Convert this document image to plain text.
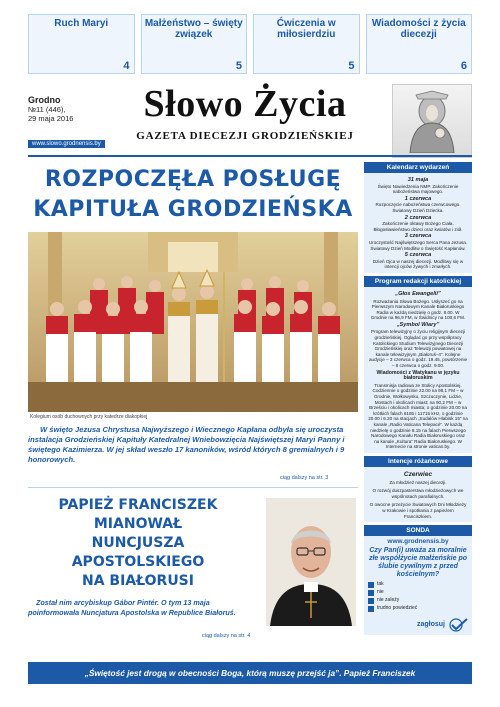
Ruch Maryi
4
Małżeństwo – święty związek
5
Ćwiczenia w miłosierdziu
5
Wiadomości z życia diecezji
6
Grodno
№11 (446),
29 maja 2016
www.slowo.grodnensis.by
Słowo Życia
GAZETA DIECEZJI GRODZIEŃSKIEJ
ROZPOCZĘŁA POSŁUGĘ
KAPITUŁA GRODZIEŃSKA
Kolegium osób duchownych przy katedrze diakopkiej
W święto Jezusa Chrystusa Najwyższego i Wiecznego Kapłana odbyła się uroczysta instalacja Grodzieńskiej Kapituły Katedralnej Wniebowzięcia Najświętszej Maryi Panny i świętego Kazimierza. W jej skład weszło 17 kanoników, wśród których 8 gremialnych i 9 honorowych.
ciąg dalszy na str. 3
PAPIEŻ FRANCISZEK
MIANOWAŁ
NUNCJUSZA APOSTOLSKIEGO
NA BIAŁORUSI
Został nim arcybiskup Gábor Pintér. O tym 13 maja poinformowała Nuncjatura Apostolska w Republice Białoruś.
ciąg dalszy na str. 4
Kalendarz wydarzeń
31 maja

Święto Nawiedzenia NMP. Zakończenie nabożeństwa majowego.

1 czerwca

Rozpoczęcie nabożeństwa czerwcowego. Światowy Dzień Dziecka.

2 czerwca

Zakończenie oktawy Bożego Ciała. Błogosławieństwo dzieci oraz kwiatów i ziół.

3 czerwca

Uroczystość Najświętszego Serca Pana Jezusa. Światowy Dzień Modlitw o Świętość Kapłanów.

5 czerwca

Dzień Ojca w naszej diecezji. Modlitwy się w intencji ojców żywych i zmarłych.

Program redakcji katolickiej
„Głos Ewangelii”

Rozważania Słowa Bożego. Usłyszeć go na Pierwszym Narodowym Kanale Białoruskiego Radia w każdą niedzielę o godz. 8.00. W Grodnie na 96,9 FM, w Świdnicy na 100,6 FM.

„Symbol Wiary”

Program telewizyjny o życiu religijnym diecezji grodzieńskiej. Oglądać go przy współpracy Katolickiego Studium Telewizyjnego Diecezji Grodzieńskiej oraz Telewizji powiatowej na kanale telewizyjnym „Białoruś–4”. Kolejne audycje – 3 czerwca o godz. 19.45, powtórzenie – 8 czerwca o godz. 9.00.

Wiadomości z Watykanu w języku białoruskim

Transmisja radiowa ze Stolicy Apostolskiej. Codziennie o godzinie 22.00 na 98,1 FM – w Grodnie, Wołkowysku, Szczuczynie, Lidzie, Mostach i okolicach miast; na 90,2 FM – w Brześciu i okolicach miasta; o godzinie 20.00 na krótkich falach 6185 i 11715 kHz, o godzinie 20.00 i 6.20 na stacjach „Sudalów Hlabisk 15” na kanale „Radio Vaticana Telepacé”. W każdą niedzielę o godzinie 8.15 na falach Pierwszego Narodowego Kanału Radia Białoruskiego oraz na kanale „Kultura” Radia Białoruskiego. W Internecie na stronie vatican.by.

Intencje różańcowe
Czerwiec

Za młodzież naszej diecezji.

O rozwój duszpasterstwa młodzieżowych we wspólnotach parafialnych.

O owocne przeżycie Światowych Dni Młodzieży w Krakowie i spotkania z papieżem Franciszkiem.

SONDA
www.grodnensis.by
Czy Pan(i) uważa za moralnie złe współżycie małżeńskie po ślubie cywilnym z przed kościelnym?
tak
nie
nie zależy
trudno powiedzieć
zagłosuj
„Świętość jest drogą w obecności Boga, którą muszę przejść ja”. Papież Franciszek
